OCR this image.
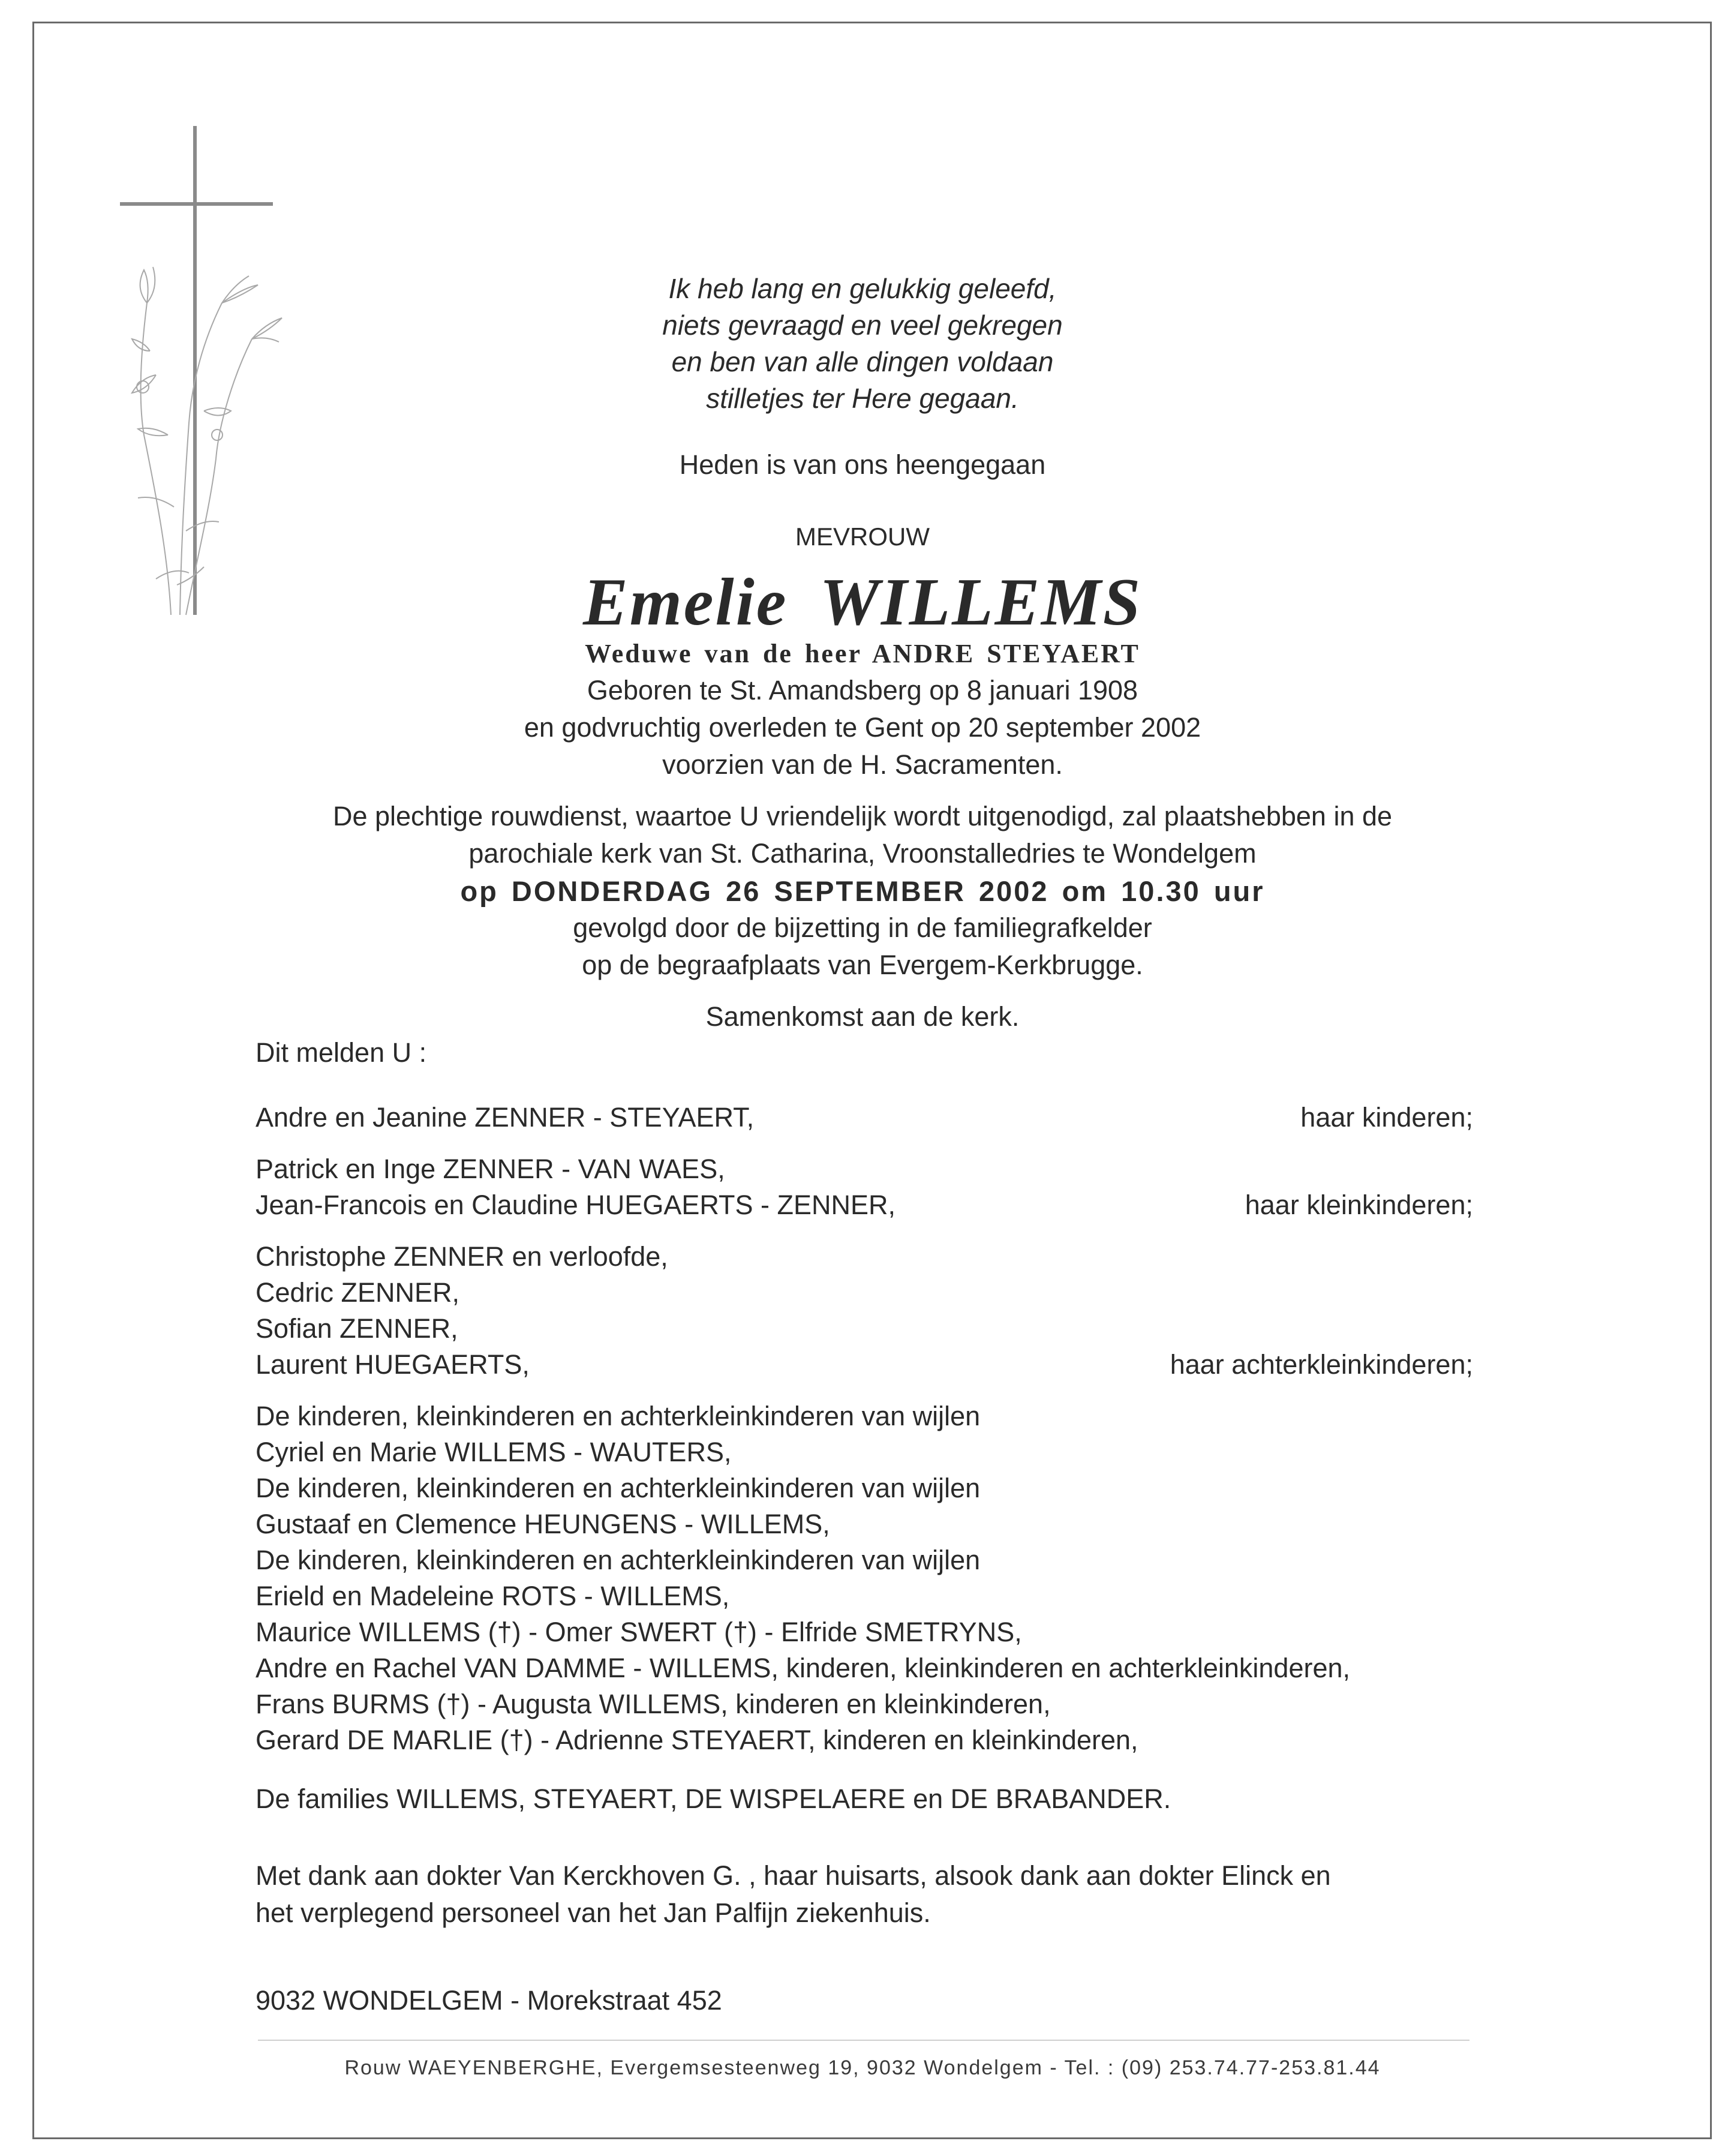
Ik heb lang en gelukkig geleefd,
niets gevraagd en veel gekregen
en ben van alle dingen voldaan
stilletjes ter Here gegaan.
Heden is van ons heengegaan
MEVROUW
Emelie WILLEMS
Weduwe van de heer ANDRE STEYAERT
Geboren te St. Amandsberg op 8 januari 1908
en godvruchtig overleden te Gent op 20 september 2002
voorzien van de H. Sacramenten.
De plechtige rouwdienst, waartoe U vriendelijk wordt uitgenodigd, zal plaatshebben in de
parochiale kerk van St. Catharina, Vroonstalledries te Wondelgem
op DONDERDAG 26 SEPTEMBER 2002 om 10.30 uur
gevolgd door de bijzetting in de familiegrafkelder
op de begraafplaats van Evergem-Kerkbrugge.
Samenkomst aan de kerk.
Dit melden U :
Andre en Jeanine ZENNER - STEYAERT,	haar kinderen;
Patrick en Inge ZENNER - VAN WAES,
Jean-Francois en Claudine HUEGAERTS - ZENNER,	haar kleinkinderen;
Christophe ZENNER en verloofde,
Cedric ZENNER,
Sofian ZENNER,
Laurent HUEGAERTS,	haar achterkleinkinderen;
De kinderen, kleinkinderen en achterkleinkinderen van wijlen
Cyriel en Marie WILLEMS - WAUTERS,
De kinderen, kleinkinderen en achterkleinkinderen van wijlen
Gustaaf en Clemence HEUNGENS - WILLEMS,
De kinderen, kleinkinderen en achterkleinkinderen van wijlen
Erield en Madeleine ROTS - WILLEMS,
Maurice WILLEMS (†) - Omer SWERT (†) - Elfride SMETRYNS,
Andre en Rachel VAN DAMME - WILLEMS, kinderen, kleinkinderen en achterkleinkinderen,
Frans BURMS (†) - Augusta WILLEMS, kinderen en kleinkinderen,
Gerard DE MARLIE (†) - Adrienne STEYAERT, kinderen en kleinkinderen,
De families WILLEMS, STEYAERT, DE WISPELAERE en DE BRABANDER.
Met dank aan dokter Van Kerckhoven G. , haar huisarts, alsook dank aan dokter Elinck en
het verplegend personeel van het Jan Palfijn ziekenhuis.
9032 WONDELGEM - Morekstraat 452
Rouw WAEYENBERGHE, Evergemsesteenweg 19, 9032 Wondelgem - Tel. : (09) 253.74.77-253.81.44
